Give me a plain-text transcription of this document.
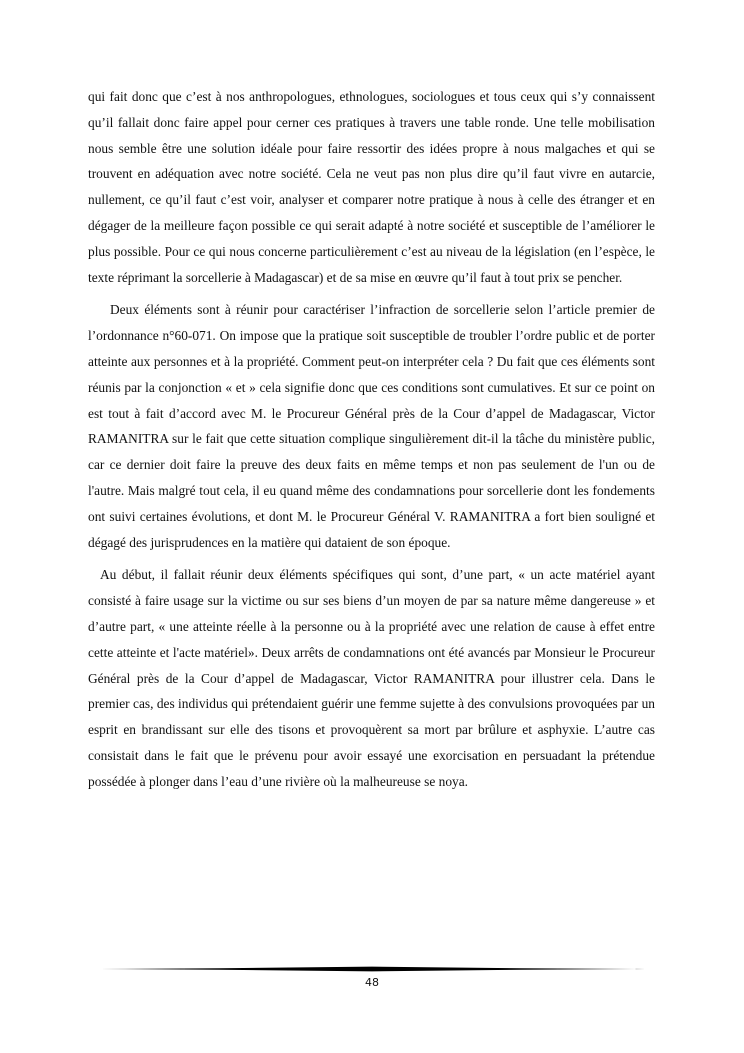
qui fait donc que c’est à nos anthropologues, ethnologues, sociologues et tous ceux qui s’y connaissent qu’il fallait donc faire appel pour cerner ces pratiques à travers une table ronde. Une telle mobilisation nous semble être une solution idéale pour faire ressortir des idées propre à nous malgaches et qui se trouvent en adéquation avec notre société. Cela ne veut pas non plus dire qu’il faut vivre en autarcie, nullement, ce qu’il faut c’est voir, analyser et comparer notre pratique à nous à celle des étranger et en dégager de la meilleure façon possible ce qui serait adapté à notre société et susceptible de l’améliorer le plus possible. Pour ce qui nous concerne particulièrement c’est au niveau de la législation (en l’espèce, le texte réprimant la sorcellerie à Madagascar) et de sa mise en œuvre qu’il faut à tout prix se pencher.

Deux éléments sont à réunir pour caractériser l’infraction de sorcellerie selon l’article premier de l’ordonnance n°60-071. On impose que la pratique soit susceptible de troubler l’ordre public et de porter atteinte aux personnes et à la propriété. Comment peut-on interpréter cela ? Du fait que ces éléments sont réunis par la conjonction « et » cela signifie donc que ces conditions sont cumulatives. Et sur ce point on est tout à fait d’accord avec M. le Procureur Général près de la Cour d’appel de Madagascar, Victor RAMANITRA sur le fait que cette situation complique singulièrement dit-il la tâche du ministère public, car ce dernier doit faire la preuve des deux faits en même temps et non pas seulement de l'un ou de l'autre. Mais malgré tout cela, il eu quand même des condamnations pour sorcellerie dont les fondements ont suivi certaines évolutions, et dont M. le Procureur Général V. RAMANITRA a fort bien souligné et dégagé des jurisprudences en la matière qui dataient de son époque.

Au début, il fallait réunir deux éléments spécifiques qui sont, d’une part, « un acte matériel ayant consisté à faire usage sur la victime ou sur ses biens d’un moyen de par sa nature même dangereuse » et d’autre part, « une atteinte réelle à la personne ou à la propriété avec une relation de cause à effet entre cette atteinte et l'acte matériel». Deux arrêts de condamnations ont été avancés par Monsieur le Procureur Général près de la Cour d’appel de Madagascar, Victor RAMANITRA pour illustrer cela. Dans le premier cas, des individus qui prétendaient guérir une femme sujette à des convulsions provoquées par un esprit en brandissant sur elle des tisons et provoquèrent sa mort par brûlure et asphyxie. L’autre cas consistait dans le fait que le prévenu pour avoir essayé une exorcisation en persuadant la prétendue possédée à plonger dans l’eau d’une rivière où la malheureuse se noya.

48
